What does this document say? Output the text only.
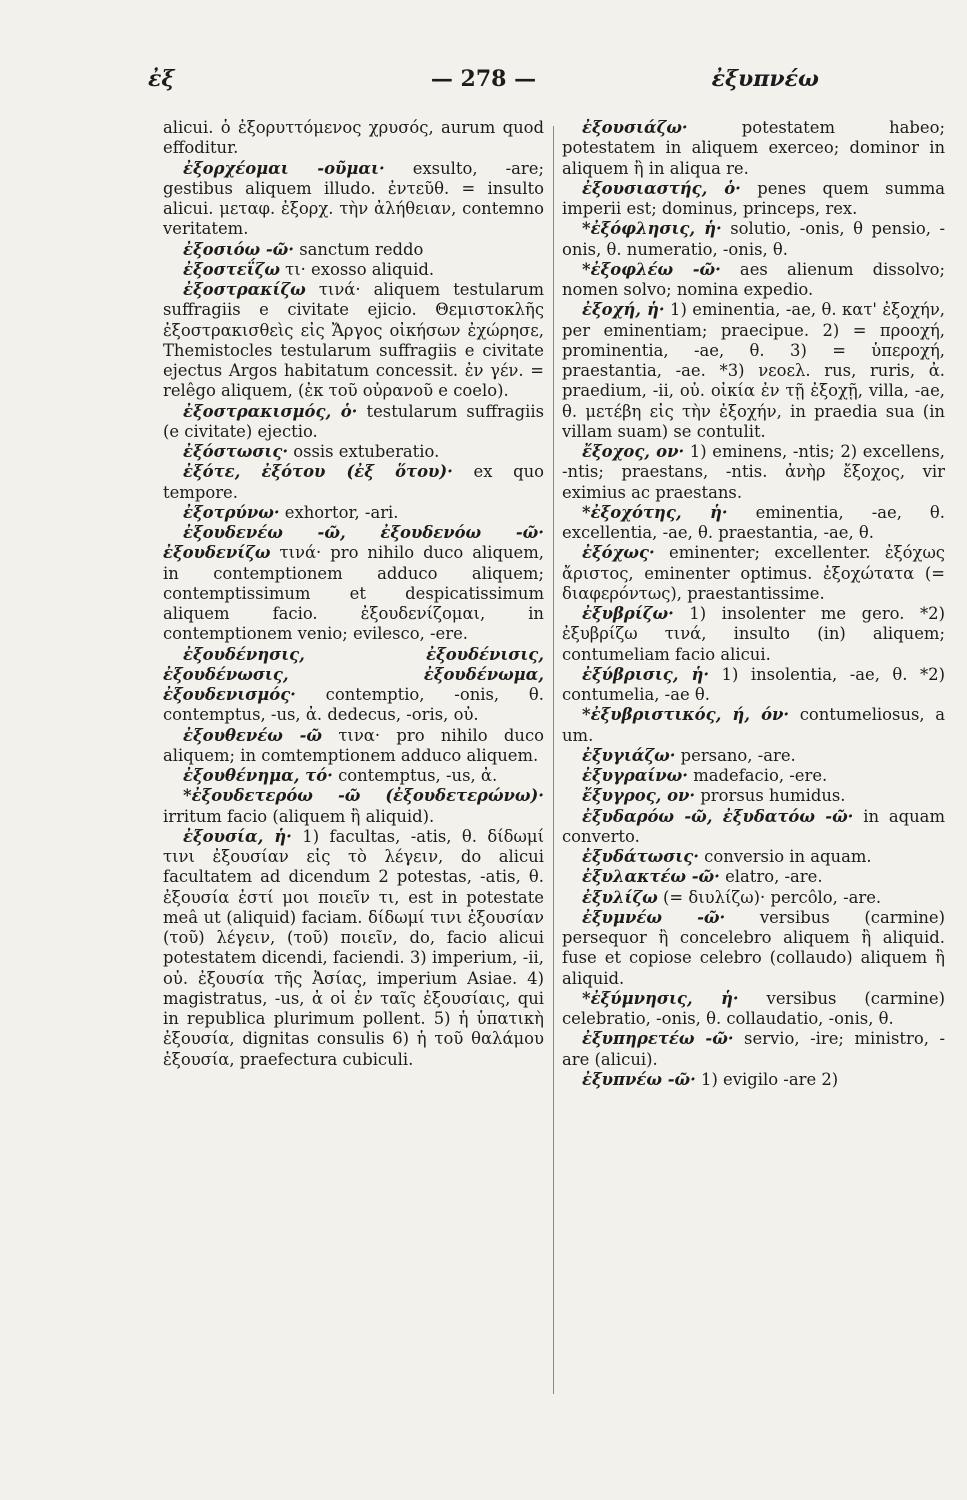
ἐξ	— 278 —	ἐξυπνέω

alicui. ὁ ἐξορυττόμενος χρυσός, aurum quod effoditur.

ἐξορχέομαι -οῦμαι· exsulto, -are; gestibus aliquem illudo. ἐντεῦθ. = insulto alicui. μεταφ. ἐξορχ. τὴν ἀλήθειαν, contemno veritatem.

ἐξοσιόω -ῶ· sanctum reddo

ἐξοστεΐζω τι· exosso aliquid.

ἐξοστρακίζω τινά· aliquem testularum suffragiis e civitate ejicio. Θεμιστοκλῆς ἐξοστρακισθεὶς εἰς Ἄργος οἰκήσων ἐχώρησε, Themistocles testularum suffragiis e civitate ejectus Argos habitatum concessit. ἐν γέν. = relêgo aliquem, (ἐκ τοῦ οὐρανοῦ e coelo).

ἐξοστρακισμός, ὁ· testularum suffragiis (e civitate) ejectio.

ἐξόστωσις· ossis extuberatio.

ἐξότε, ἐξότου (ἐξ ὅτου)· ex quo tempore.

ἐξοτρύνω· exhortor, -ari.

ἐξουδενέω -ῶ, ἐξουδενόω -ῶ· ἐξουδενίζω τινά· pro nihilo duco aliquem, in contemptionem adduco aliquem; contemptissimum et despicatissimum aliquem facio. ἐξουδενίζομαι, in contemptionem venio; evilesco, -ere.

ἐξουδένησις, ἐξουδένισις, ἐξουδένωσις, ἐξουδένωμα, ἐξουδενισμός· contemptio, -onis, θ. contemptus, -us, ἀ. dedecus, -oris, οὐ.

ἐξουθενέω -ῶ τινα· pro nihilo duco aliquem; in comtemptionem adduco aliquem.

ἐξουθένημα, τό· contemptus, -us, ἀ.

*ἐξουδετερόω -ῶ (ἐξουδετερώνω)· irritum facio (aliquem ἢ aliquid).

ἐξουσία, ἡ· 1) facultas, -atis, θ. δίδωμί τινι ἐξουσίαν εἰς τὸ λέγειν, do alicui facultatem ad dicendum 2 potestas, -atis, θ. ἐξουσία ἐστί μοι ποιεῖν τι, est in potestate meâ ut (aliquid) faciam. δίδωμί τινι ἐξουσίαν (τοῦ) λέγειν, (τοῦ) ποιεῖν, do, facio alicui potestatem dicendi, faciendi. 3) imperium, -ii, οὐ. ἐξουσία τῆς Ἀσίας, imperium Asiae. 4) magistratus, -us, ἀ οἱ ἐν ταῖς ἐξουσίαις, qui in republica plurimum pollent. 5) ἡ ὑπατικὴ ἐξουσία, dignitas consulis 6) ἡ τοῦ θαλάμου ἐξουσία, praefectura cubiculi.

ἐξουσιάζω· potestatem habeo; potestatem in aliquem exerceo; dominor in aliquem ἢ in aliqua re.

ἐξουσιαστής, ὁ· penes quem summa imperii est; dominus, princeps, rex.

*ἐξόφλησις, ἡ· solutio, -onis, θ pensio, -onis, θ. numeratio, -onis, θ.

*ἐξοφλέω -ῶ· aes alienum dissolvo; nomen solvo; nomina expedio.

ἐξοχή, ἡ· 1) eminentia, -ae, θ. κατ' ἐξοχήν, per eminentiam; praecipue. 2) = προοχή, prominentia, -ae, θ. 3) = ὑπεροχή, praestantia, -ae. *3) νεοελ. rus, ruris, ἀ. praedium, -ii, οὐ. οἰκία ἐν τῇ ἐξοχῇ, villa, -ae, θ. μετέβη εἰς τὴν ἐξοχήν, in praedia sua (in villam suam) se contulit.

ἔξοχος, ον· 1) eminens, -ntis; 2) excellens, -ntis; praestans, -ntis. ἀνὴρ ἔξοχος, vir eximius ac praestans.

*ἐξοχότης, ἡ· eminentia, -ae, θ. excellentia, -ae, θ. praestantia, -ae, θ.

ἐξόχως· eminenter; excellenter. ἐξόχως ἄριστος, eminenter optimus. ἐξοχώτατα (= διαφερόντως), praestantissime.

ἐξυβρίζω· 1) insolenter me gero. *2) ἐξυβρίζω τινά, insulto (in) aliquem; contumeliam facio alicui.

ἐξύβρισις, ἡ· 1) insolentia, -ae, θ. *2) contumelia, -ae θ.

*ἐξυβριστικός, ή, όν· contumeliosus, a um.

ἐξυγιάζω· persano, -are.

ἐξυγραίνω· madefacio, -ere.

ἔξυγρος, ον· prorsus humidus.

ἐξυδαρόω -ῶ, ἐξυδατόω -ῶ· in aquam converto.

ἐξυδάτωσις· conversio in aquam.

ἐξυλακτέω -ῶ· elatro, -are.

ἐξυλίζω (= διυλίζω)· percôlo, -are.

ἐξυμνέω -ῶ· versibus (carmine) persequor ἢ concelebro aliquem ἢ aliquid. fuse et copiose celebro (collaudo) aliquem ἢ aliquid.

*ἐξύμνησις, ἡ· versibus (carmine) celebratio, -onis, θ. collaudatio, -onis, θ.

ἐξυπηρετέω -ῶ· servio, -ire; ministro, -are (alicui).

ἐξυπνέω -ῶ· 1) evigilo -are 2)
